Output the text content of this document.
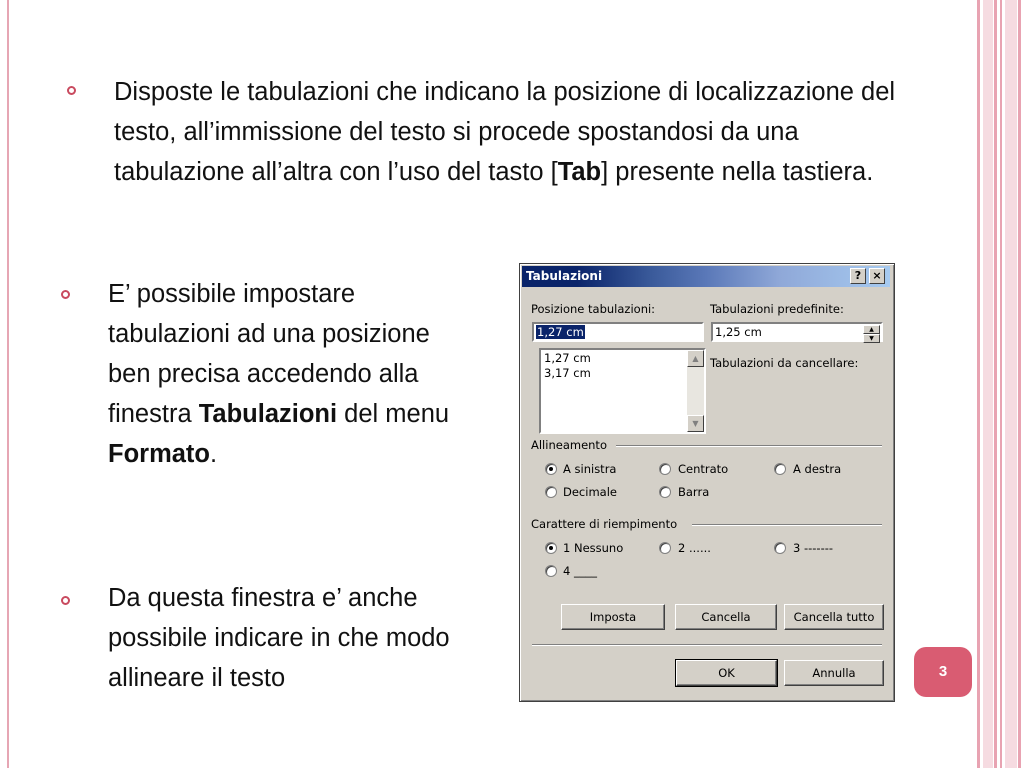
Disposte le tabulazioni che indicano la posizione di localizzazione del testo, all’immissione del testo si procede spostandosi da una tabulazione all’altra con l’uso del tasto [Tab] presente nella tastiera.
E’ possibile impostare tabulazioni ad una posizione ben precisa accedendo alla finestra Tabulazioni del menu Formato.
Da questa finestra e’ anche possibile indicare in che modo allineare il testo
Tabulazioni	?	×
Posizione tabulazioni:
1,27 cm
1,27 cm
3,17 cm
▲
▼
Tabulazioni predefinite:
1,25 cm	▲
▼
Tabulazioni da cancellare:
Allineamento
A sinistra	Centrato	A destra
Decimale	Barra
Carattere di riempimento
1 Nessuno	2 ......	3 -------
4 ____
Imposta	Cancella	Cancella tutto
OK	Annulla	3
